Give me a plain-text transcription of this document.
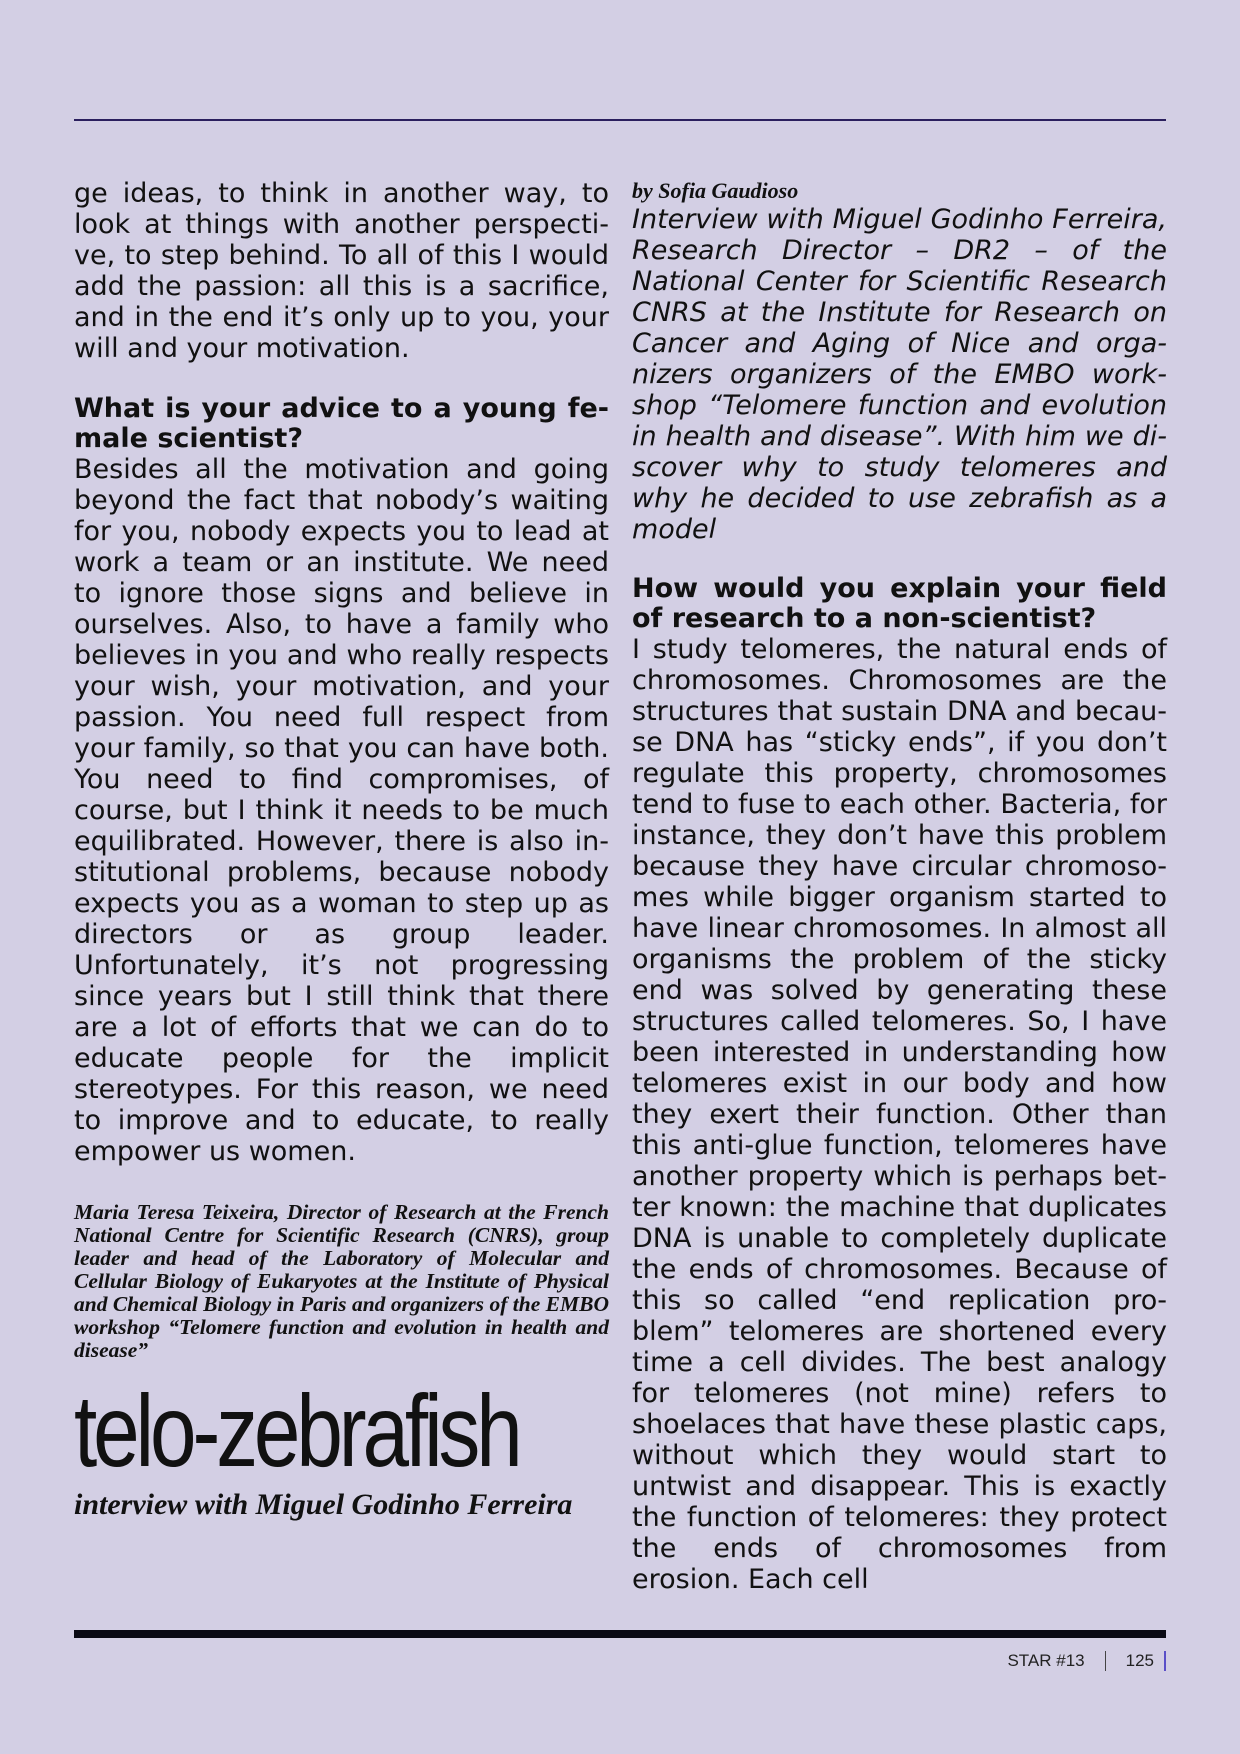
ge ideas, to think in another way, to look at things with another perspective, to step behind. To all of this I would add the passion: all this is a sacrifice, and in the end it’s only up to you, your will and your motivation.

What is your advice to a young female scientist?

Besides all the motivation and going beyond the fact that nobody’s waiting for you, nobody expects you to lead at work a team or an institute. We need to ignore those signs and believe in ourselves. Also, to have a family who believes in you and who really respects your wish, your motivation, and your passion. You need full respect from your family, so that you can have both. You need to find compromises, of course, but I think it needs to be much equilibrated. However, there is also institutional problems, because nobody expects you as a woman to step up as directors or as group leader. Unfortunately, it’s not progressing since years but I still think that there are a lot of efforts that we can do to educate people for the implicit stereotypes. For this reason, we need to improve and to educate, to really empower us women.

Maria Teresa Teixeira, Director of Research at the French National Centre for Scientific Research (CNRS), group leader and head of the Laboratory of Molecular and Cellular Biology of Eukaryotes at the Institute of Physical and Chemical Biology in Paris and organizers of the EMBO workshop “Telomere function and evolution in health and disease”

telo-zebrafish

interview with Miguel Godinho Ferreira

by Sofia Gaudioso

Interview with Miguel Godinho Ferreira, Research Director – DR2 – of the National Center for Scientific Research CNRS at the Institute for Research on Cancer and Aging of Nice and organizers organizers of the EMBO workshop “Telomere function and evolution in health and disease”. With him we discover why to study telomeres and why he decided to use zebrafish as a model

How would you explain your field of research to a non-scientist?

I study telomeres, the natural ends of chromosomes. Chromosomes are the structures that sustain DNA and because DNA has “sticky ends”, if you don’t regulate this property, chromosomes tend to fuse to each other. Bacteria, for instance, they don’t have this problem because they have circular chromosomes while bigger organism started to have linear chromosomes. In almost all organisms the problem of the sticky end was solved by generating these structures called telomeres. So, I have been interested in understanding how telomeres exist in our body and how they exert their function. Other than this anti-glue function, telomeres have another property which is perhaps better known: the machine that duplicates DNA is unable to completely duplicate the ends of chromosomes. Because of this so called “end replication problem” telomeres are shortened every time a cell divides. The best analogy for telomeres (not mine) refers to shoelaces that have these plastic caps, without which they would start to untwist and disappear. This is exactly the function of telomeres: they protect the ends of chromosomes from erosion. Each cell

STAR #13 125
